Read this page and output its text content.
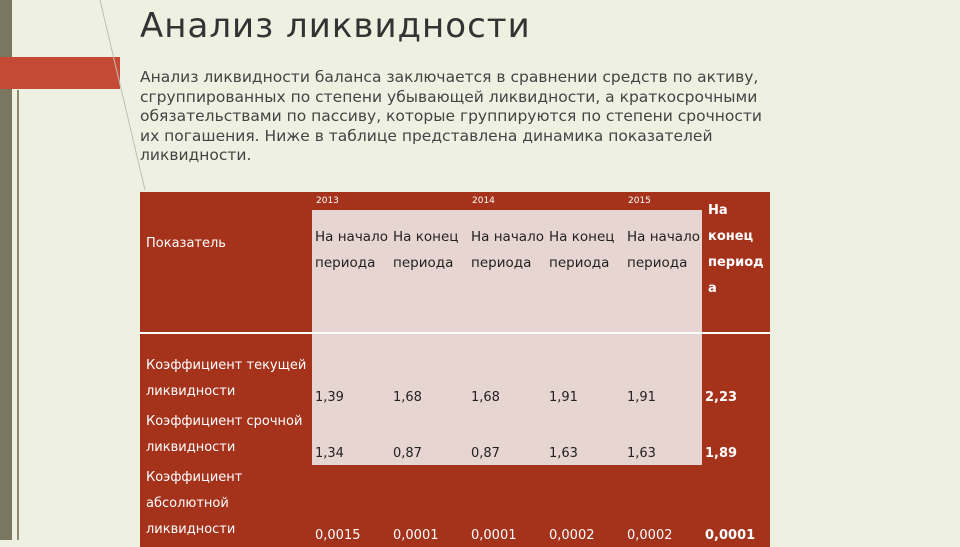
Анализ ликвидности

Анализ ликвидности баланса заключается в сравнении средств по активу, сгруппированных по степени убывающей ликвидности, а краткосрочными обязательствами по пассиву, которые группируются по степени срочности их погашения. Ниже в таблице представлена динамика показателей ликвидности.

Показатель	2013		2014		2015	На конец период а
	На начало периода	На конец периода	На начало периода	На конец периода	На начало периода	
Коэффициент текущей ликвидности	1,39	1,68	1,68	1,91	1,91	2,23
Коэффициент срочной ликвидности	1,34	0,87	0,87	1,63	1,63	1,89
Коэффициент абсолютной ликвидности	0,0015	0,0001	0,0001	0,0002	0,0002	0,0001
